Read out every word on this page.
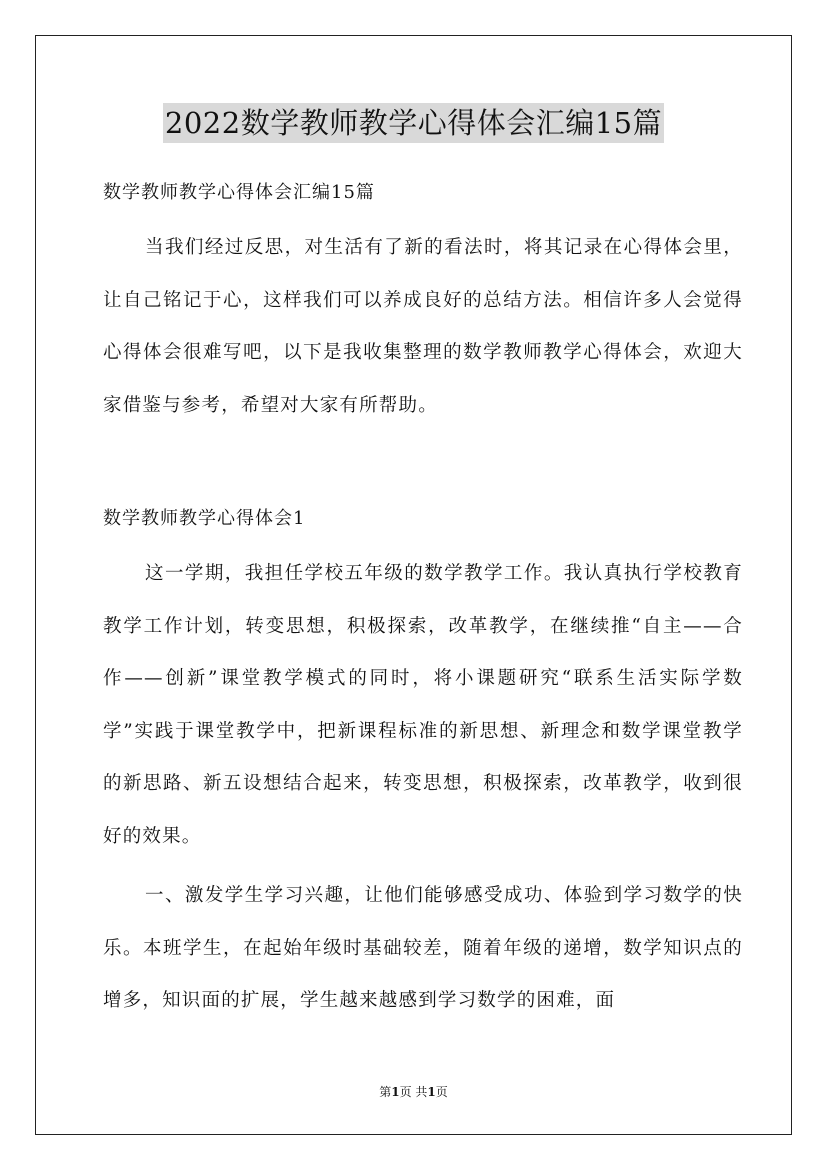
2022数学教师教学心得体会汇编15篇

数学教师教学心得体会汇编15篇

当我们经过反思，对生活有了新的看法时，将其记录在心得体会里，让自己铭记于心，这样我们可以养成良好的总结方法。相信许多人会觉得心得体会很难写吧，以下是我收集整理的数学教师教学心得体会，欢迎大家借鉴与参考，希望对大家有所帮助。

数学教师教学心得体会1

这一学期，我担任学校五年级的数学教学工作。我认真执行学校教育教学工作计划，转变思想，积极探索，改革教学，在继续推“自主——合作——创新”课堂教学模式的同时，将小课题研究“联系生活实际学数学”实践于课堂教学中，把新课程标准的新思想、新理念和数学课堂教学的新思路、新五设想结合起来，转变思想，积极探索，改革教学，收到很好的效果。

一、激发学生学习兴趣，让他们能够感受成功、体验到学习数学的快乐。本班学生，在起始年级时基础较差，随着年级的递增，数学知识点的增多，知识面的扩展，学生越来越感到学习数学的困难，面

第1页 共1页
